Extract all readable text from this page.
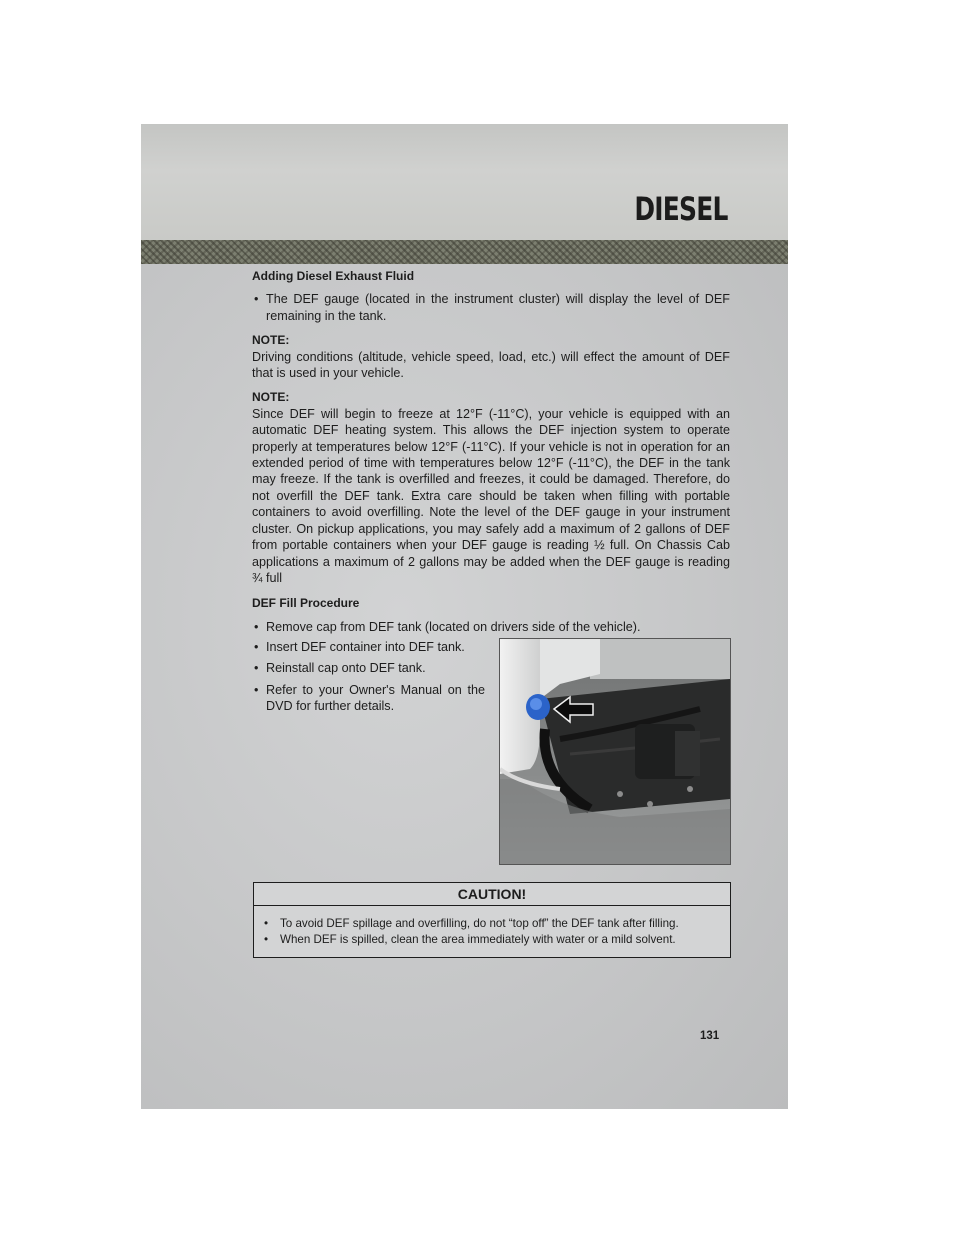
DIESEL
Adding Diesel Exhaust Fluid
• The DEF gauge (located in the instrument cluster) will display the level of DEF remaining in the tank.
NOTE:

Driving conditions (altitude, vehicle speed, load, etc.) will effect the amount of DEF that is used in your vehicle.

NOTE:

Since DEF will begin to freeze at 12°F (-11°C), your vehicle is equipped with an automatic DEF heating system. This allows the DEF injection system to operate properly at temperatures below 12°F (-11°C). If your vehicle is not in operation for an extended period of time with temperatures below 12°F (-11°C), the DEF in the tank may freeze. If the tank is overfilled and freezes, it could be damaged. Therefore, do not overfill the DEF tank. Extra care should be taken when filling with portable containers to avoid overfilling. Note the level of the DEF gauge in your instrument cluster. On pickup applications, you may safely add a maximum of 2 gallons of DEF from portable containers when your DEF gauge is reading ½ full. On Chassis Cab applications a maximum of 2 gallons may be added when the DEF gauge is reading ¾ full

DEF Fill Procedure
• Remove cap from DEF tank (located on drivers side of the vehicle).
• Insert DEF container into DEF tank.
• Reinstall cap onto DEF tank.
• Refer to your Owner's Manual on the DVD for further details.
CAUTION!
• To avoid DEF spillage and overfilling, do not “top off” the DEF tank after filling.
• When DEF is spilled, clean the area immediately with water or a mild solvent.
131
